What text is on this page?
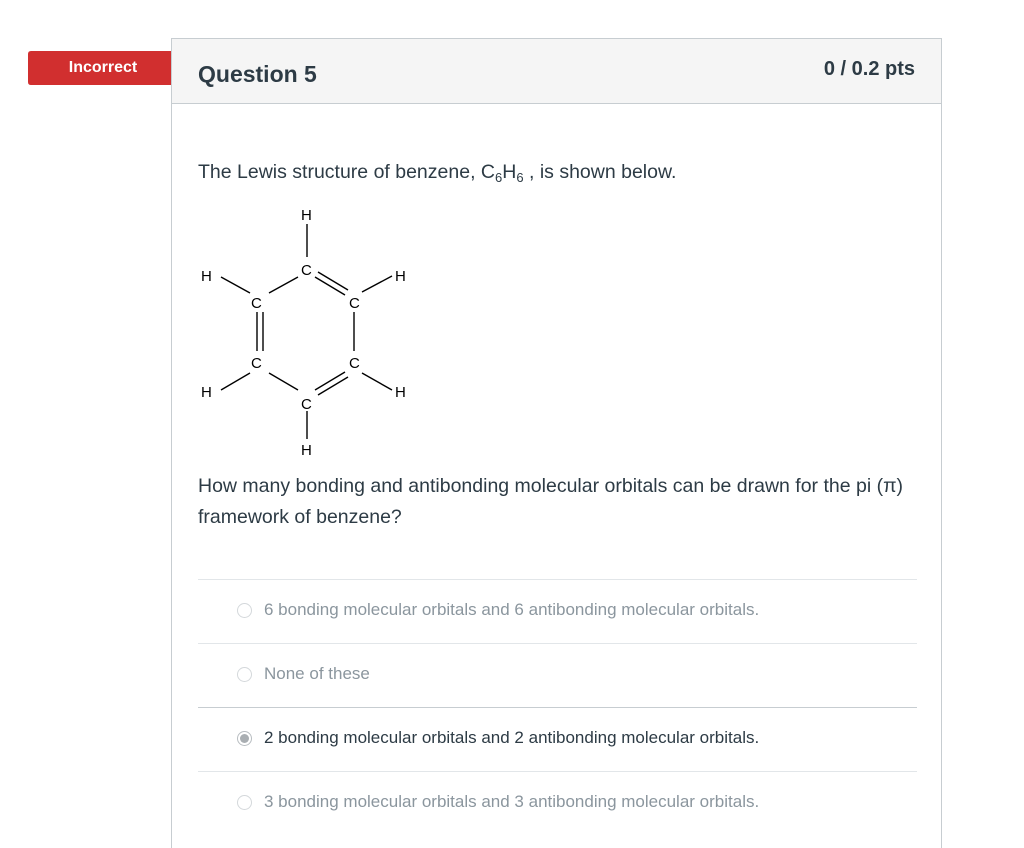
Incorrect	Question 5	0 / 0.2 pts
The Lewis structure of benzene, $C_6H_6$ , is shown below.
H
C
H	H
C	C
C	C
H	H
C
H
How many bonding and antibonding molecular orbitals can be drawn for the pi (π) framework of benzene?
6 bonding molecular orbitals and 6 antibonding molecular orbitals.
None of these
2 bonding molecular orbitals and 2 antibonding molecular orbitals.
3 bonding molecular orbitals and 3 antibonding molecular orbitals.
